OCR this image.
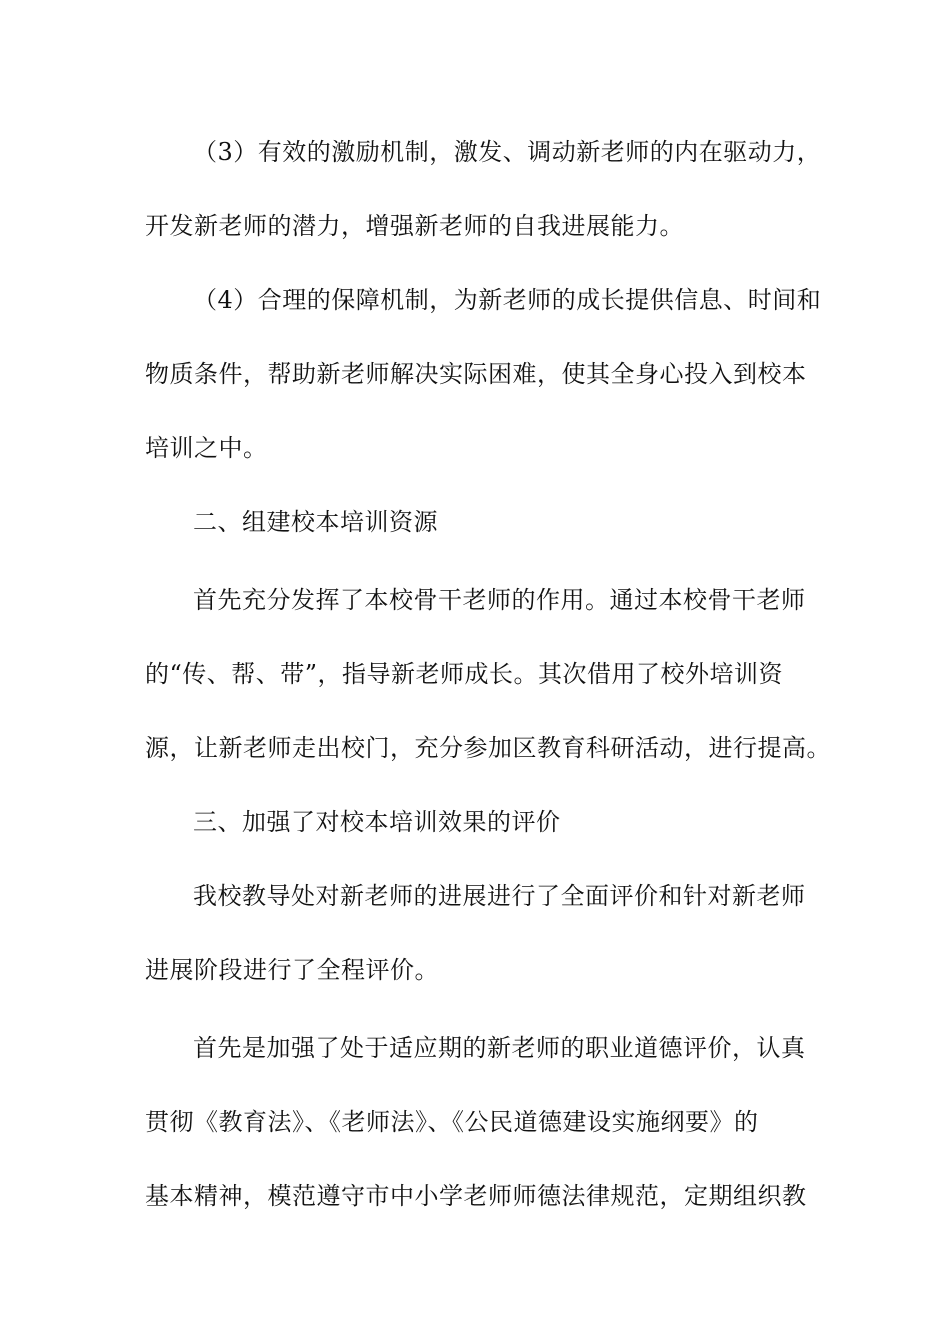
（3）有效的激励机制，激发、调动新老师的内在驱动力，
开发新老师的潜力，增强新老师的自我进展能力。
（4）合理的保障机制，为新老师的成长提供信息、时间和
物质条件，帮助新老师解决实际困难，使其全身心投入到校本
培训之中。
二、组建校本培训资源
首先充分发挥了本校骨干老师的作用。通过本校骨干老师
的“传、帮、带”，指导新老师成长。其次借用了校外培训资
源，让新老师走出校门，充分参加区教育科研活动，进行提高。
三、加强了对校本培训效果的评价
我校教导处对新老师的进展进行了全面评价和针对新老师
进展阶段进行了全程评价。
首先是加强了处于适应期的新老师的职业道德评价，认真
贯彻《教育法》、《老师法》、《公民道德建设实施纲要》的
基本精神，模范遵守市中小学老师师德法律规范，定期组织教
